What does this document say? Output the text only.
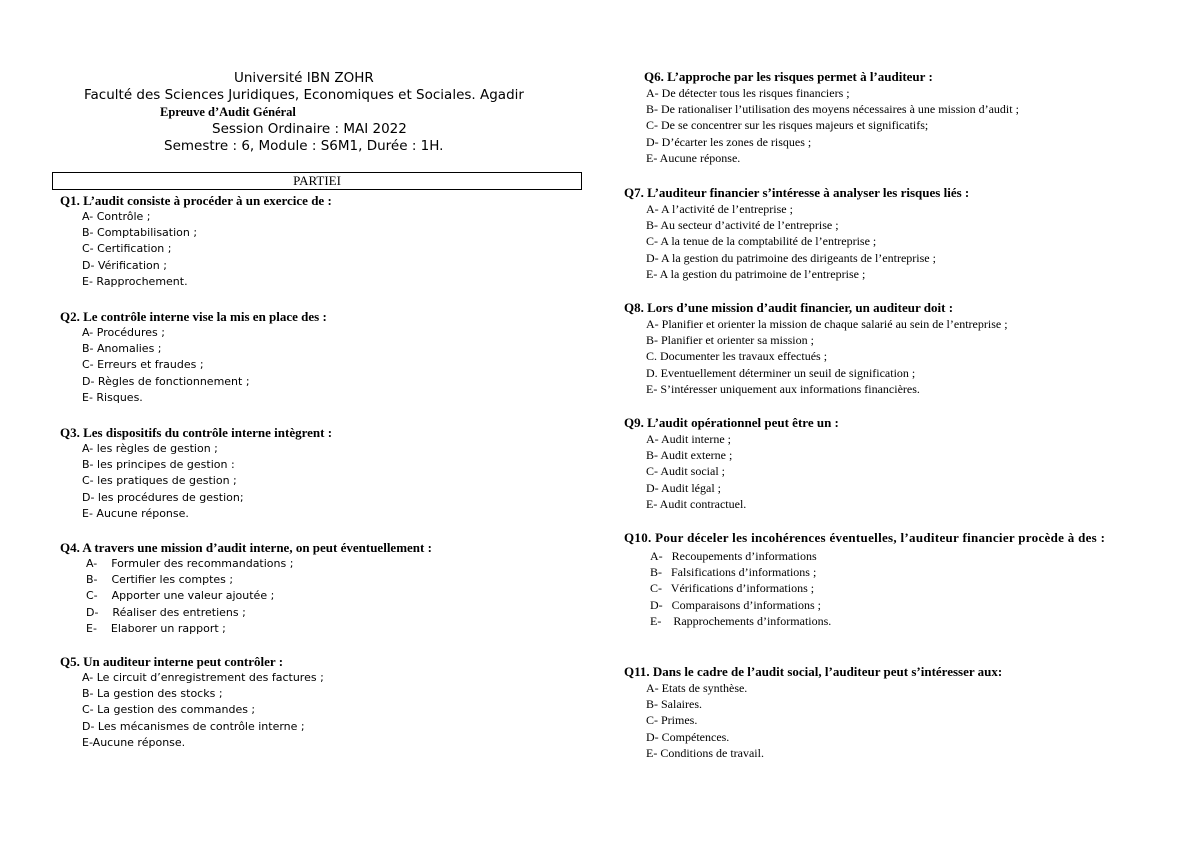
Université IBN ZOHR
Faculté des Sciences Juridiques, Economiques et Sociales. Agadir
Epreuve d’Audit Général
Session Ordinaire : MAI 2022
Semestre : 6, Module : S6M1, Durée : 1H.
PARTIEI
Q1. L’audit consiste à procéder à un exercice de :
A- Contrôle ;
B- Comptabilisation ;
C- Certification ;
D- Vérification ;
E- Rapprochement.
Q2. Le contrôle interne vise la mis en place des :
A- Procédures ;
B- Anomalies ;
C- Erreurs et fraudes ;
D- Règles de fonctionnement ;
E- Risques.
Q3. Les dispositifs du contrôle interne intègrent :
A- les règles de gestion ;
B- les principes de gestion :
C- les pratiques de gestion ;
D- les procédures de gestion;
E- Aucune réponse.
Q4. A travers une mission d’audit interne, on peut éventuellement :
A-    Formuler des recommandations ;
B-    Certifier les comptes ;
C-    Apporter une valeur ajoutée ;
D-    Réaliser des entretiens ;
E-    Elaborer un rapport ;
Q5. Un auditeur interne peut contrôler :
A- Le circuit d’enregistrement des factures ;
B- La gestion des stocks ;
C- La gestion des commandes ;
D- Les mécanismes de contrôle interne ;
E-Aucune réponse.
Q6. L’approche par les risques permet à l’auditeur :
A- De détecter tous les risques financiers ;
B- De rationaliser l’utilisation des moyens nécessaires à une mission d’audit ;
C- De se concentrer sur les risques majeurs et significatifs;
D- D’écarter les zones de risques ;
E- Aucune réponse.
Q7. L’auditeur financier s’intéresse à analyser les risques liés :
A- A l’activité de l’entreprise ;
B- Au secteur d’activité de l’entreprise ;
C- A la tenue de la comptabilité de l’entreprise ;
D- A la gestion du patrimoine des dirigeants de l’entreprise ;
E- A la gestion du patrimoine de l’entreprise ;
Q8. Lors d’une mission d’audit financier, un auditeur doit :
A- Planifier et orienter la mission de chaque salarié au sein de l’entreprise ;
B- Planifier et orienter sa mission ;
C. Documenter les travaux effectués ;
D. Eventuellement déterminer un seuil de signification ;
E- S’intéresser uniquement aux informations financières.
Q9. L’audit opérationnel peut être un :
A- Audit interne ;
B- Audit externe ;
C- Audit social ;
D- Audit légal ;
E- Audit contractuel.
Q10. Pour déceler les incohérences éventuelles, l’auditeur financier procède à des :
A-   Recoupements d’informations
B-   Falsifications d’informations ;
C-   Vérifications d’informations ;
D-   Comparaisons d’informations ;
E-    Rapprochements d’informations.
Q11. Dans le cadre de l’audit social, l’auditeur peut s’intéresser aux:
A- Etats de synthèse.
B- Salaires.
C- Primes.
D- Compétences.
E- Conditions de travail.
